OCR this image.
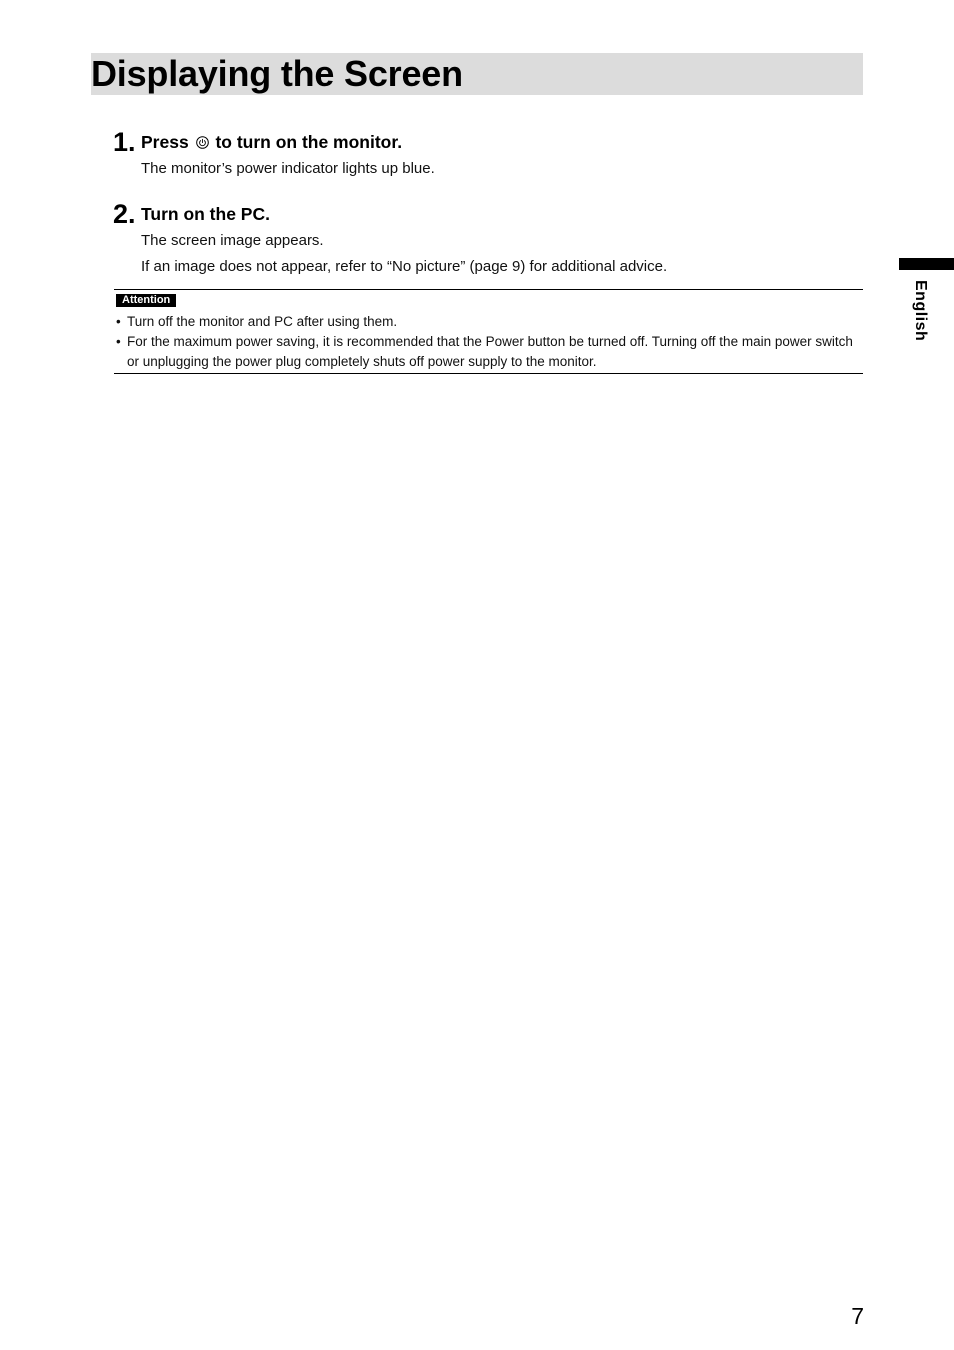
Displaying the Screen
1. Press to turn on the monitor.
The monitor’s power indicator lights up blue.
2. Turn on the PC.
The screen image appears.
If an image does not appear, refer to “No picture” (page 9) for additional advice.
Attention
• Turn off the monitor and PC after using them.
• For the maximum power saving, it is recommended that the Power button be turned off. Turning off the main power switch or unplugging the power plug completely shuts off power supply to the monitor.
English
7
